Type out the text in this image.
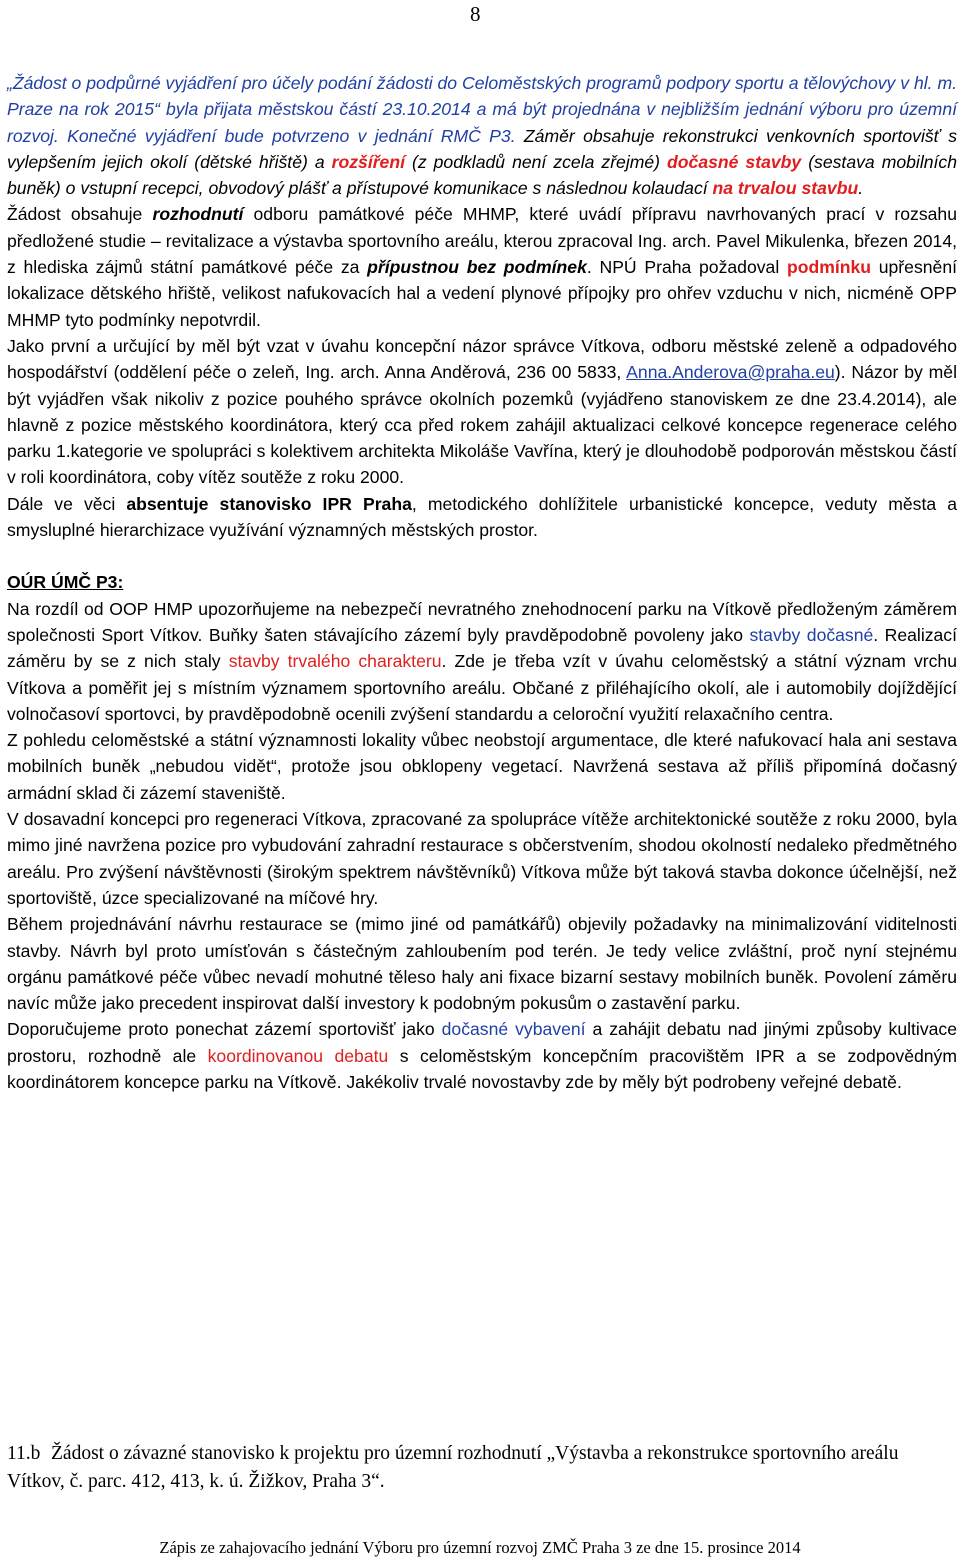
8

„Žádost o podpůrné vyjádření pro účely podání žádosti do Celoměstských programů podpory sportu a tělovýchovy v hl. m. Praze na rok 2015“ byla přijata městskou částí 23.10.2014 a má být projednána v nejbližším jednání výboru pro územní rozvoj. Konečné vyjádření bude potvrzeno v jednání RMČ P3. Záměr obsahuje rekonstrukci venkovních sportovišť s vylepšením jejich okolí (dětské hřiště) a rozšíření (z podkladů není zcela zřejmé) dočasné stavby (sestava mobilních buněk) o vstupní recepci, obvodový plášť a přístupové komunikace s následnou kolaudací na trvalou stavbu.

Žádost obsahuje rozhodnutí odboru památkové péče MHMP, které uvádí přípravu navrhovaných prací v rozsahu předložené studie – revitalizace a výstavba sportovního areálu, kterou zpracoval Ing. arch. Pavel Mikulenka, březen 2014, z hlediska zájmů státní památkové péče za přípustnou bez podmínek. NPÚ Praha požadoval podmínku upřesnění lokalizace dětského hřiště, velikost nafukovacích hal a vedení plynové přípojky pro ohřev vzduchu v nich, nicméně OPP MHMP tyto podmínky nepotvrdil.

Jako první a určující by měl být vzat v úvahu koncepční názor správce Vítkova, odboru městské zeleně a odpadového hospodářství (oddělení péče o zeleň, Ing. arch. Anna Anděrová, 236 00 5833, Anna.Anderova@praha.eu). Názor by měl být vyjádřen však nikoliv z pozice pouhého správce okolních pozemků (vyjádřeno stanoviskem ze dne 23.4.2014), ale hlavně z pozice městského koordinátora, který cca před rokem zahájil aktualizaci celkové koncepce regenerace celého parku 1.kategorie ve spolupráci s kolektivem architekta Mikoláše Vavřína, který je dlouhodobě podporován městskou částí v roli koordinátora, coby vítěz soutěže z roku 2000.

Dále ve věci absentuje stanovisko IPR Praha, metodického dohlížitele urbanistické koncepce, veduty města a smysluplné hierarchizace využívání významných městských prostor.

OÚR ÚMČ P3:

Na rozdíl od OOP HMP upozorňujeme na nebezpečí nevratného znehodnocení parku na Vítkově předloženým záměrem společnosti Sport Vítkov. Buňky šaten stávajícího zázemí byly pravděpodobně povoleny jako stavby dočasné. Realizací záměru by se z nich staly stavby trvalého charakteru. Zde je třeba vzít v úvahu celoměstský a státní význam vrchu Vítkova a poměřit jej s místním významem sportovního areálu. Občané z přiléhajícího okolí, ale i automobily dojíždějící volnočasoví sportovci, by pravděpodobně ocenili zvýšení standardu a celoroční využití relaxačního centra.

Z pohledu celoměstské a státní významnosti lokality vůbec neobstojí argumentace, dle které nafukovací hala ani sestava mobilních buněk „nebudou vidět“, protože jsou obklopeny vegetací. Navržená sestava až příliš připomíná dočasný armádní sklad či zázemí staveniště.

V dosavadní koncepci pro regeneraci Vítkova, zpracované za spolupráce vítěže architektonické soutěže z roku 2000, byla mimo jiné navržena pozice pro vybudování zahradní restaurace s občerstvením, shodou okolností nedaleko předmětného areálu. Pro zvýšení návštěvnosti (širokým spektrem návštěvníků) Vítkova může být taková stavba dokonce účelnější, než sportoviště, úzce specializované na míčové hry.

Během projednávání návrhu restaurace se (mimo jiné od památkářů) objevily požadavky na minimalizování viditelnosti stavby. Návrh byl proto umísťován s částečným zahloubením pod terén. Je tedy velice zvláštní, proč nyní stejnému orgánu památkové péče vůbec nevadí mohutné těleso haly ani fixace bizarní sestavy mobilních buněk. Povolení záměru navíc může jako precedent inspirovat další investory k podobným pokusům o zastavění parku.

Doporučujeme proto ponechat zázemí sportovišť jako dočasné vybavení a zahájit debatu nad jinými způsoby kultivace prostoru, rozhodně ale koordinovanou debatu s celoměstským koncepčním pracovištěm IPR a se zodpovědným koordinátorem koncepce parku na Vítkově. Jakékoliv trvalé novostavby zde by měly být podrobeny veřejné debatě.

11.b Žádost o závazné stanovisko k projektu pro územní rozhodnutí „Výstavba a rekonstrukce sportovního areálu Vítkov, č. parc. 412, 413, k. ú. Žižkov, Praha 3“.
Zápis ze zahajovacího jednání Výboru pro územní rozvoj ZMČ Praha 3 ze dne 15. prosince 2014
